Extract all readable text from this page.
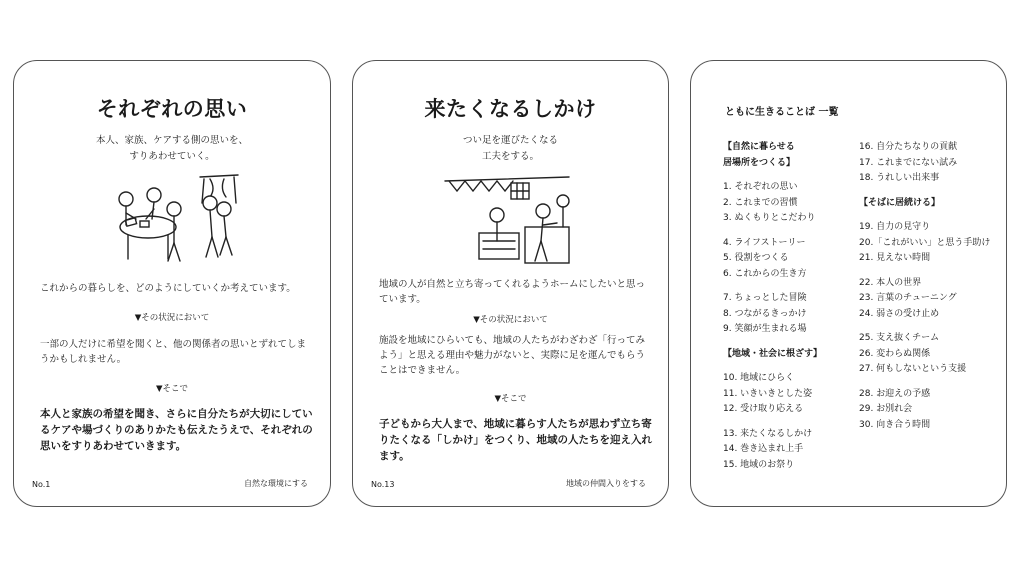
それぞれの思い
本人、家族、ケアする側の思いを、
すりあわせていく。
これからの暮らしを、どのようにしていくか考えています。
▼その状況において
一部の人だけに希望を聞くと、他の関係者の思いとずれてしまうかもしれません。
▼そこで
本人と家族の希望を聞き、さらに自分たちが大切にしているケアや場づくりのありかたも伝えたうえで、それぞれの思いをすりあわせていきます。
No.1	自然な環境にする
来たくなるしかけ
つい足を運びたくなる
工夫をする。
地域の人が自然と立ち寄ってくれるようホームにしたいと思っています。
▼その状況において
施設を地域にひらいても、地域の人たちがわざわざ「行ってみよう」と思える理由や魅力がないと、実際に足を運んでもらうことはできません。
▼そこで
子どもから大人まで、地域に暮らす人たちが思わず立ち寄りたくなる「しかけ」をつくり、地域の人たちを迎え入れます。
No.13	地域の仲間入りをする
ともに生きることば 一覧
【自然に暮らせる
居場所をつくる】
1. それぞれの思い
2. これまでの習慣
3. ぬくもりとこだわり
4. ライフストーリー
5. 役割をつくる
6. これからの生き方
7. ちょっとした冒険
8. つながるきっかけ
9. 笑顔が生まれる場
【地域・社会に根ざす】
10. 地域にひらく
11. いきいきとした姿
12. 受け取り応える
13. 来たくなるしかけ
14. 巻き込まれ上手
15. 地域のお祭り
16. 自分たちなりの貢献
17. これまでにない試み
18. うれしい出来事
【そばに居続ける】
19. 自力の見守り
20.「これがいい」と思う手助け
21. 見えない時間
22. 本人の世界
23. 言葉のチューニング
24. 弱さの受け止め
25. 支え抜くチーム
26. 変わらぬ関係
27. 何もしないという支援
28. お迎えの予感
29. お別れ会
30. 向き合う時間
